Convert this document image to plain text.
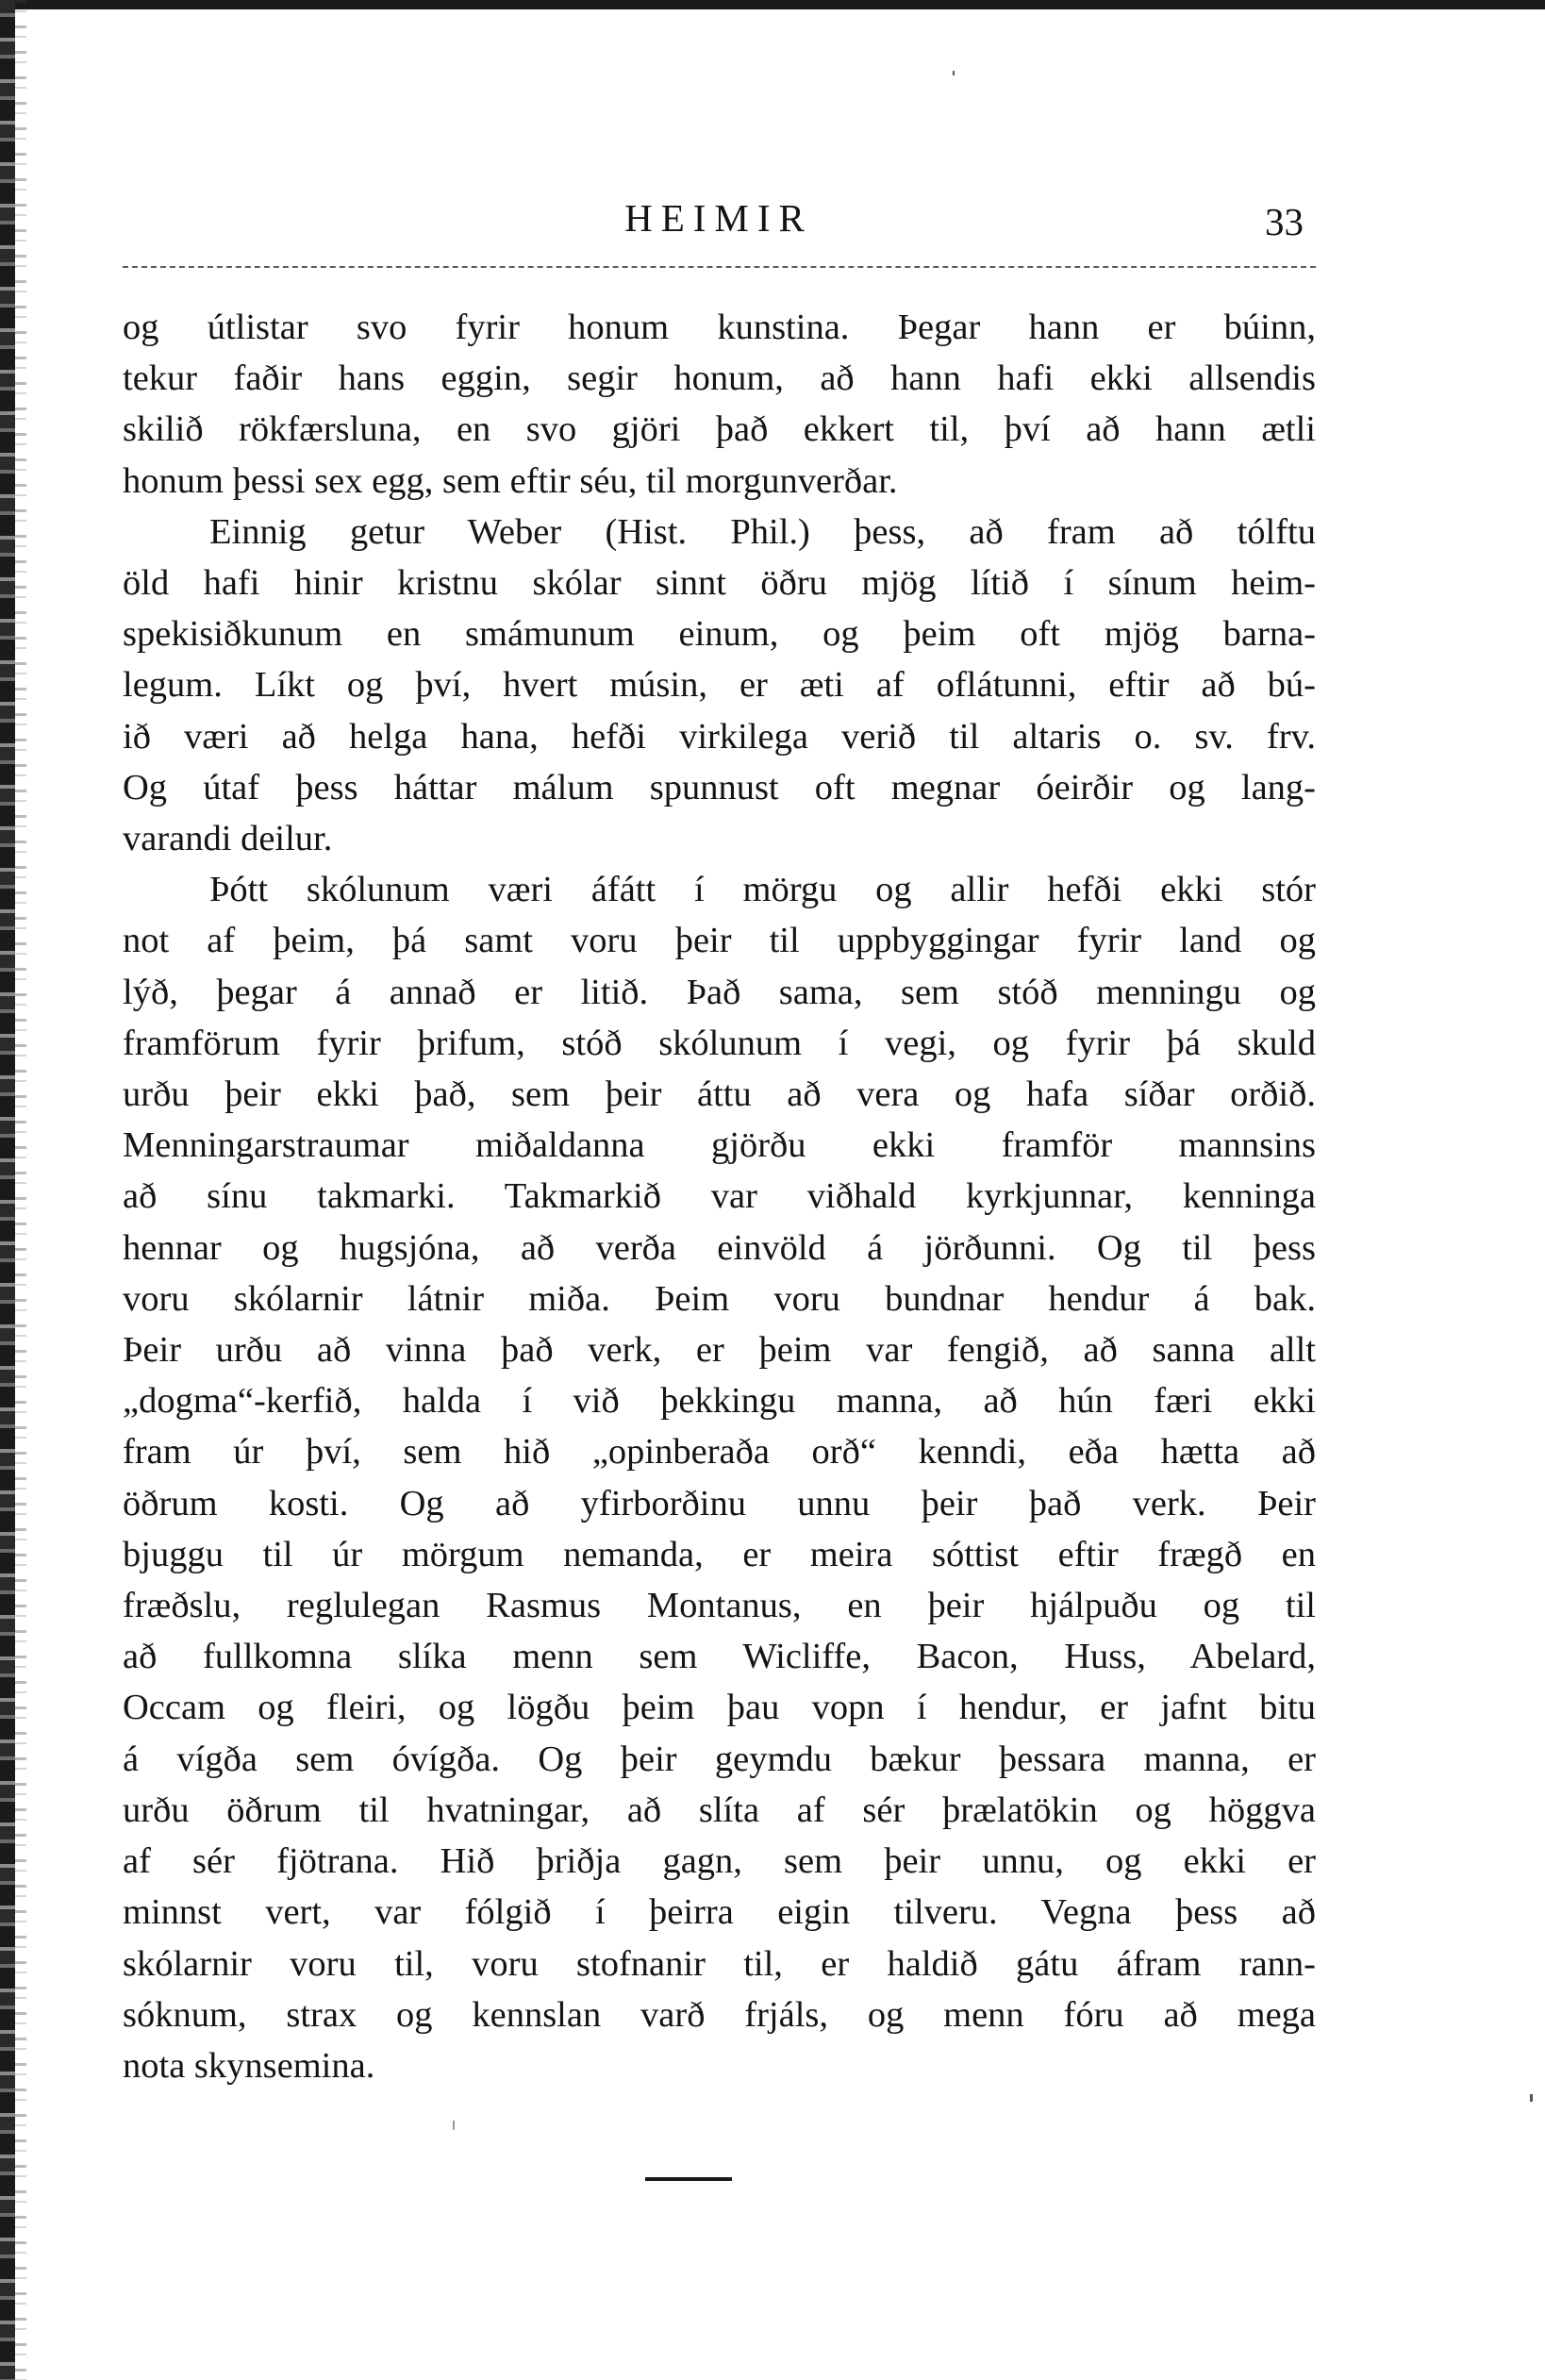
HEIMIR	33
og útlistar svo fyrir honum kunstina. Þegar hann er búinn,
tekur faðir hans eggin, segir honum, að hann hafi ekki allsendis
skilið rökfærsluna, en svo gjöri það ekkert til, því að hann ætli
honum þessi sex egg, sem eftir séu, til morgunverðar.
Einnig getur Weber (Hist. Phil.) þess, að fram að tólftu
öld hafi hinir kristnu skólar sinnt öðru mjög lítið í sínum heim-
spekisiðkunum en smámunum einum, og þeim oft mjög barna-
legum. Líkt og því, hvert músin, er æti af oflátunni, eftir að bú-
ið væri að helga hana, hefði virkilega verið til altaris o. sv. frv.
Og útaf þess háttar málum spunnust oft megnar óeirðir og lang-
varandi deilur.
Þótt skólunum væri áfátt í mörgu og allir hefði ekki stór
not af þeim, þá samt voru þeir til uppbyggingar fyrir land og
lýð, þegar á annað er litið. Það sama, sem stóð menningu og
framförum fyrir þrifum, stóð skólunum í vegi, og fyrir þá skuld
urðu þeir ekki það, sem þeir áttu að vera og hafa síðar orðið.
Menningarstraumar miðaldanna gjörðu ekki framför mannsins
að sínu takmarki. Takmarkið var viðhald kyrkjunnar, kenninga
hennar og hugsjóna, að verða einvöld á jörðunni. Og til þess
voru skólarnir látnir miða. Þeim voru bundnar hendur á bak.
Þeir urðu að vinna það verk, er þeim var fengið, að sanna allt
„dogma“-kerfið, halda í við þekkingu manna, að hún færi ekki
fram úr því, sem hið „opinberaða orð“ kenndi, eða hætta að
öðrum kosti. Og að yfirborðinu unnu þeir það verk. Þeir
bjuggu til úr mörgum nemanda, er meira sóttist eftir frægð en
fræðslu, reglulegan Rasmus Montanus, en þeir hjálpuðu og til
að fullkomna slíka menn sem Wicliffe, Bacon, Huss, Abelard,
Occam og fleiri, og lögðu þeim þau vopn í hendur, er jafnt bitu
á vígða sem óvígða. Og þeir geymdu bækur þessara manna, er
urðu öðrum til hvatningar, að slíta af sér þrælatökin og höggva
af sér fjötrana. Hið þriðja gagn, sem þeir unnu, og ekki er
minnst vert, var fólgið í þeirra eigin tilveru. Vegna þess að
skólarnir voru til, voru stofnanir til, er haldið gátu áfram rann-
sóknum, strax og kennslan varð frjáls, og menn fóru að mega
nota skynsemina.
